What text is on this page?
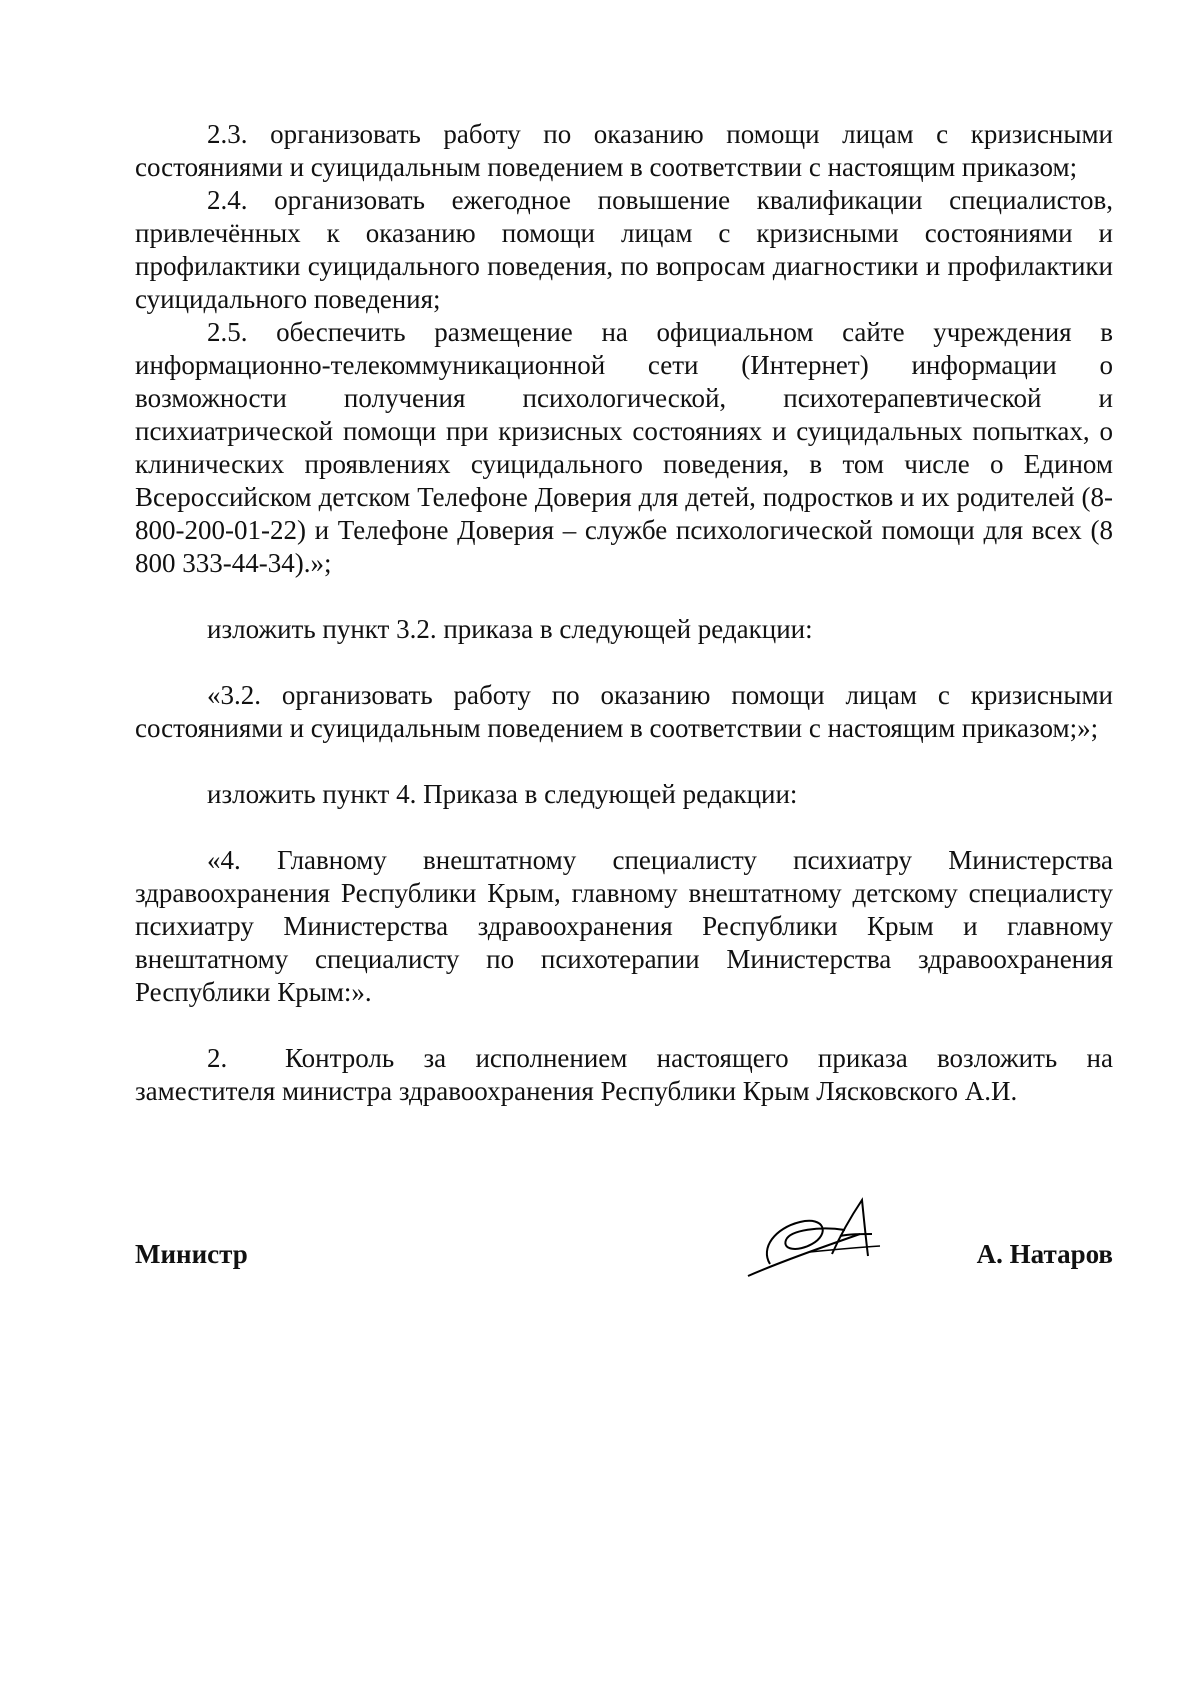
2.3. организовать работу по оказанию помощи лицам с кризисными состояниями и суицидальным поведением в соответствии с настоящим приказом;

2.4. организовать ежегодное повышение квалификации специалистов, привлечённых к оказанию помощи лицам с кризисными состояниями и профилактики суицидального поведения, по вопросам диагностики и профилактики суицидального поведения;

2.5. обеспечить размещение на официальном сайте учреждения в информационно-телекоммуникационной сети (Интернет) информации о возможности получения психологической, психотерапевтической и психиатрической помощи при кризисных состояниях и суицидальных попытках, о клинических проявлениях суицидального поведения, в том числе о Едином Всероссийском детском Телефоне Доверия для детей, подростков и их родителей (8-800-200-01-22) и Телефоне Доверия – службе психологической помощи для всех (8 800 333-44-34).»;

изложить пункт 3.2. приказа в следующей редакции:

«3.2. организовать работу по оказанию помощи лицам с кризисными состояниями и суицидальным поведением в соответствии с настоящим приказом;»;

изложить пункт 4. Приказа в следующей редакции:

«4. Главному внештатному специалисту психиатру Министерства здравоохранения Республики Крым, главному внештатному детскому специалисту психиатру Министерства здравоохранения Республики Крым и главному внештатному специалисту по психотерапии Министерства здравоохранения Республики Крым:».

2. Контроль за исполнением настоящего приказа возложить на заместителя министра здравоохранения Республики Крым Лясковского А.И.

Министр	А. Натаров
